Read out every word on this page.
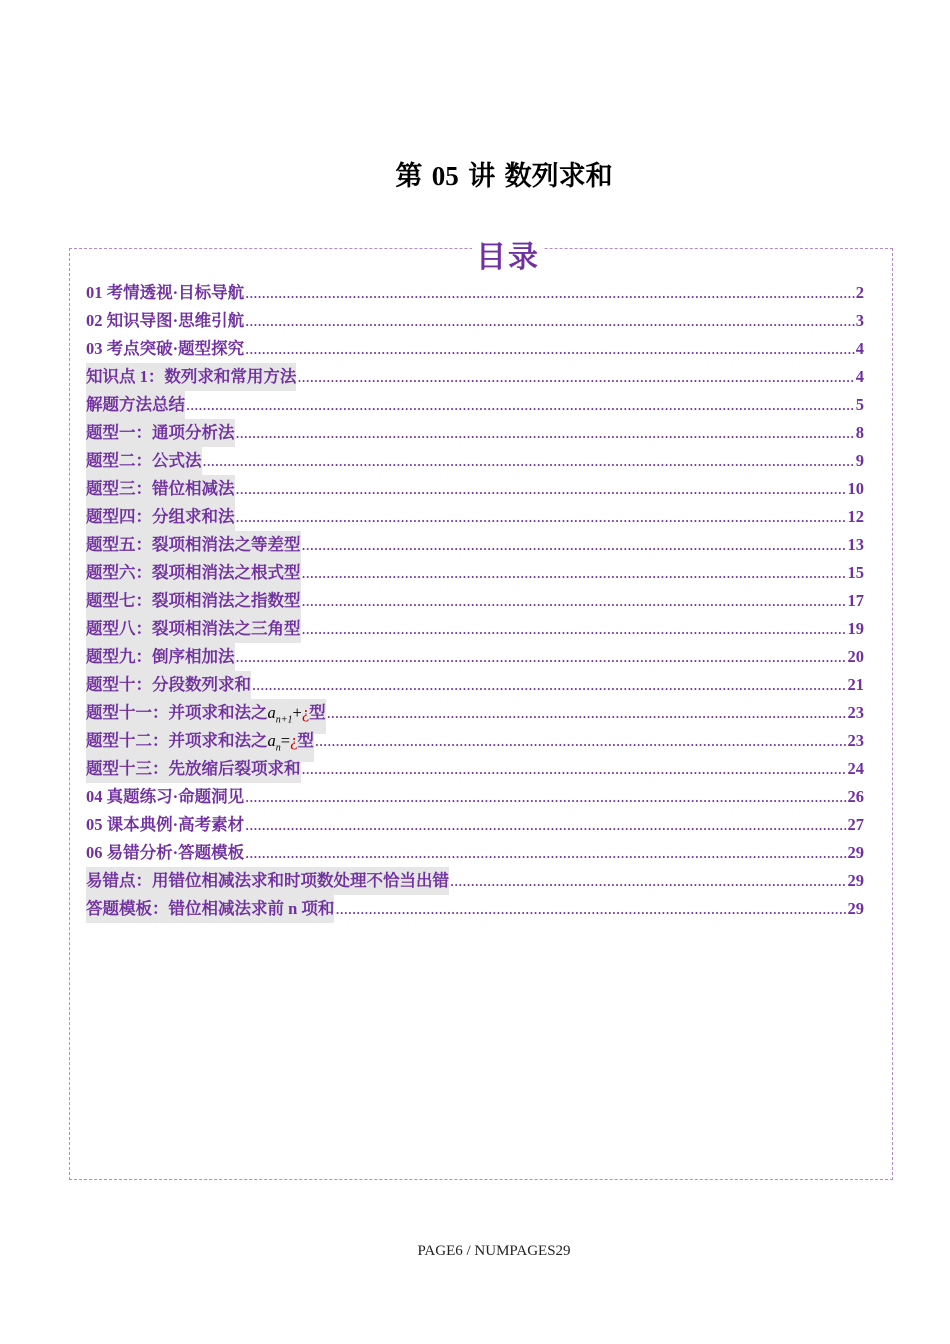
第 05 讲 数列求和
目录
01 考情透视·目标导航 .....	2
02 知识导图·思维引航 .....	3
03 考点突破·题型探究 .....	4
知识点 1：数列求和常用方法 .....	4
解题方法总结 .....	5
题型一：通项分析法 .....	8
题型二：公式法 .....	9
题型三：错位相减法 .....	10
题型四：分组求和法 .....	12
题型五：裂项相消法之等差型 .....	13
题型六：裂项相消法之根式型 .....	15
题型七：裂项相消法之指数型 .....	17
题型八：裂项相消法之三角型 .....	19
题型九：倒序相加法 .....	20
题型十：分段数列求和 .....	21
题型十一：并项求和法之$a_{n+1}+¿$型 .....	23
题型十二：并项求和法之$a_n=¿$型 .....	23
题型十三：先放缩后裂项求和 .....	24
04 真题练习·命题洞见 .....	26
05 课本典例·高考素材 .....	27
06 易错分析·答题模板 .....	29
易错点：用错位相减法求和时项数处理不恰当出错 .....	29
答题模板：错位相减法求前 n 项和 .....	29
PAGE6 / NUMPAGES29
